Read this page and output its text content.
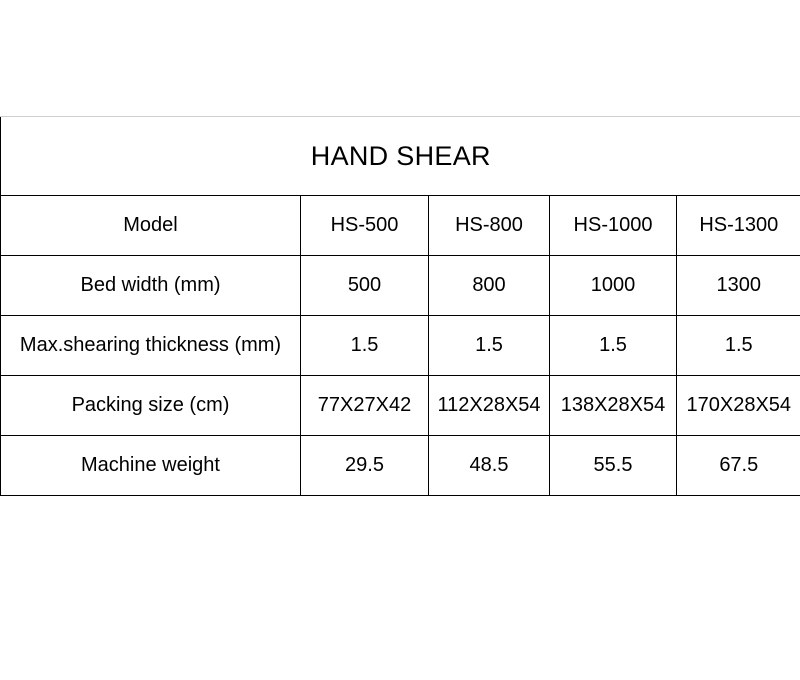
HAND SHEAR				
Model	HS-500	HS-800	HS-1000	HS-1300
Bed width (mm)	500	800	1000	1300
Max.shearing thickness (mm)	1.5	1.5	1.5	1.5
Packing size (cm)	77X27X42	112X28X54	138X28X54	170X28X54
Machine weight	29.5	48.5	55.5	67.5
